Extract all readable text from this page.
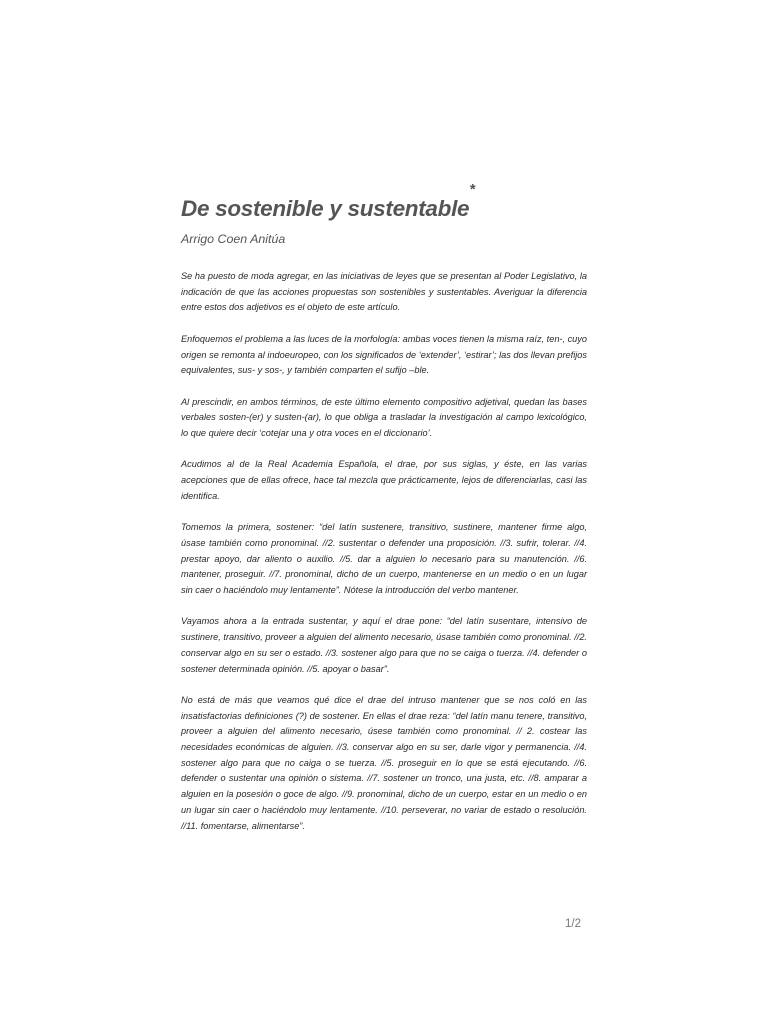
De sostenible y sustentable*
Arrigo Coen Anitúa

Se ha puesto de moda agregar, en las iniciativas de leyes que se presentan al Poder Legislativo, la indicación de que las acciones propuestas son sostenibles y sustentables. Averiguar la diferencia entre estos dos adjetivos es el objeto de este artículo.

Enfoquemos el problema a las luces de la morfología: ambas voces tienen la misma raíz, ten-, cuyo origen se remonta al indoeuropeo, con los significados de ‘extender’, ‘estirar’; las dos llevan prefijos equivalentes, sus- y sos-, y también comparten el sufijo –ble.

Al prescindir, en ambos términos, de este último elemento compositivo adjetival, quedan las bases verbales sosten-(er) y susten-(ar), lo que obliga a trasladar la investigación al campo lexicológico, lo que quiere decir ‘cotejar una y otra voces en el diccionario’.

Acudimos al de la Real Academia Española, el drae, por sus siglas, y éste, en las varias acepciones que de ellas ofrece, hace tal mezcla que prácticamente, lejos de diferenciarlas, casi las identifica.

Tomemos la primera, sostener: “del latín sustenere, transitivo, sustinere, mantener firme algo, úsase también como pronominal. //2. sustentar o defender una proposición. //3. sufrir, tolerar. //4. prestar apoyo, dar aliento o auxilio. //5. dar a alguien lo necesario para su manutención. //6. mantener, proseguir. //7. pronominal, dicho de un cuerpo, mantenerse en un medio o en un lugar sin caer o haciéndolo muy lentamente”. Nótese la introducción del verbo mantener.

Vayamos ahora a la entrada sustentar, y aquí el drae pone: “del latín susentare, intensivo de sustinere, transitivo, proveer a alguien del alimento necesario, úsase también como pronominal. //2. conservar algo en su ser o estado. //3. sostener algo para que no se caiga o tuerza. //4. defender o sostener determinada opinión. //5. apoyar o basar”.

No está de más que veamos qué dice el drae del intruso mantener que se nos coló en las insatisfactorias definiciones (?) de sostener. En ellas el drae reza: “del latín manu tenere, transitivo, proveer a alguien del alimento necesario, úsese también como pronominal. // 2. costear las necesidades económicas de alguien. //3. conservar algo en su ser, darle vigor y permanencia. //4. sostener algo para que no caiga o se tuerza. //5. proseguir en lo que se está ejecutando. //6. defender o sustentar una opinión o sistema. //7. sostener un tronco, una justa, etc. //8. amparar a alguien en la posesión o goce de algo. //9. pronominal, dicho de un cuerpo, estar en un medio o en un lugar sin caer o haciéndolo muy lentamente. //10. perseverar, no variar de estado o resolución. //11. fomentarse, alimentarse”.

1/2
